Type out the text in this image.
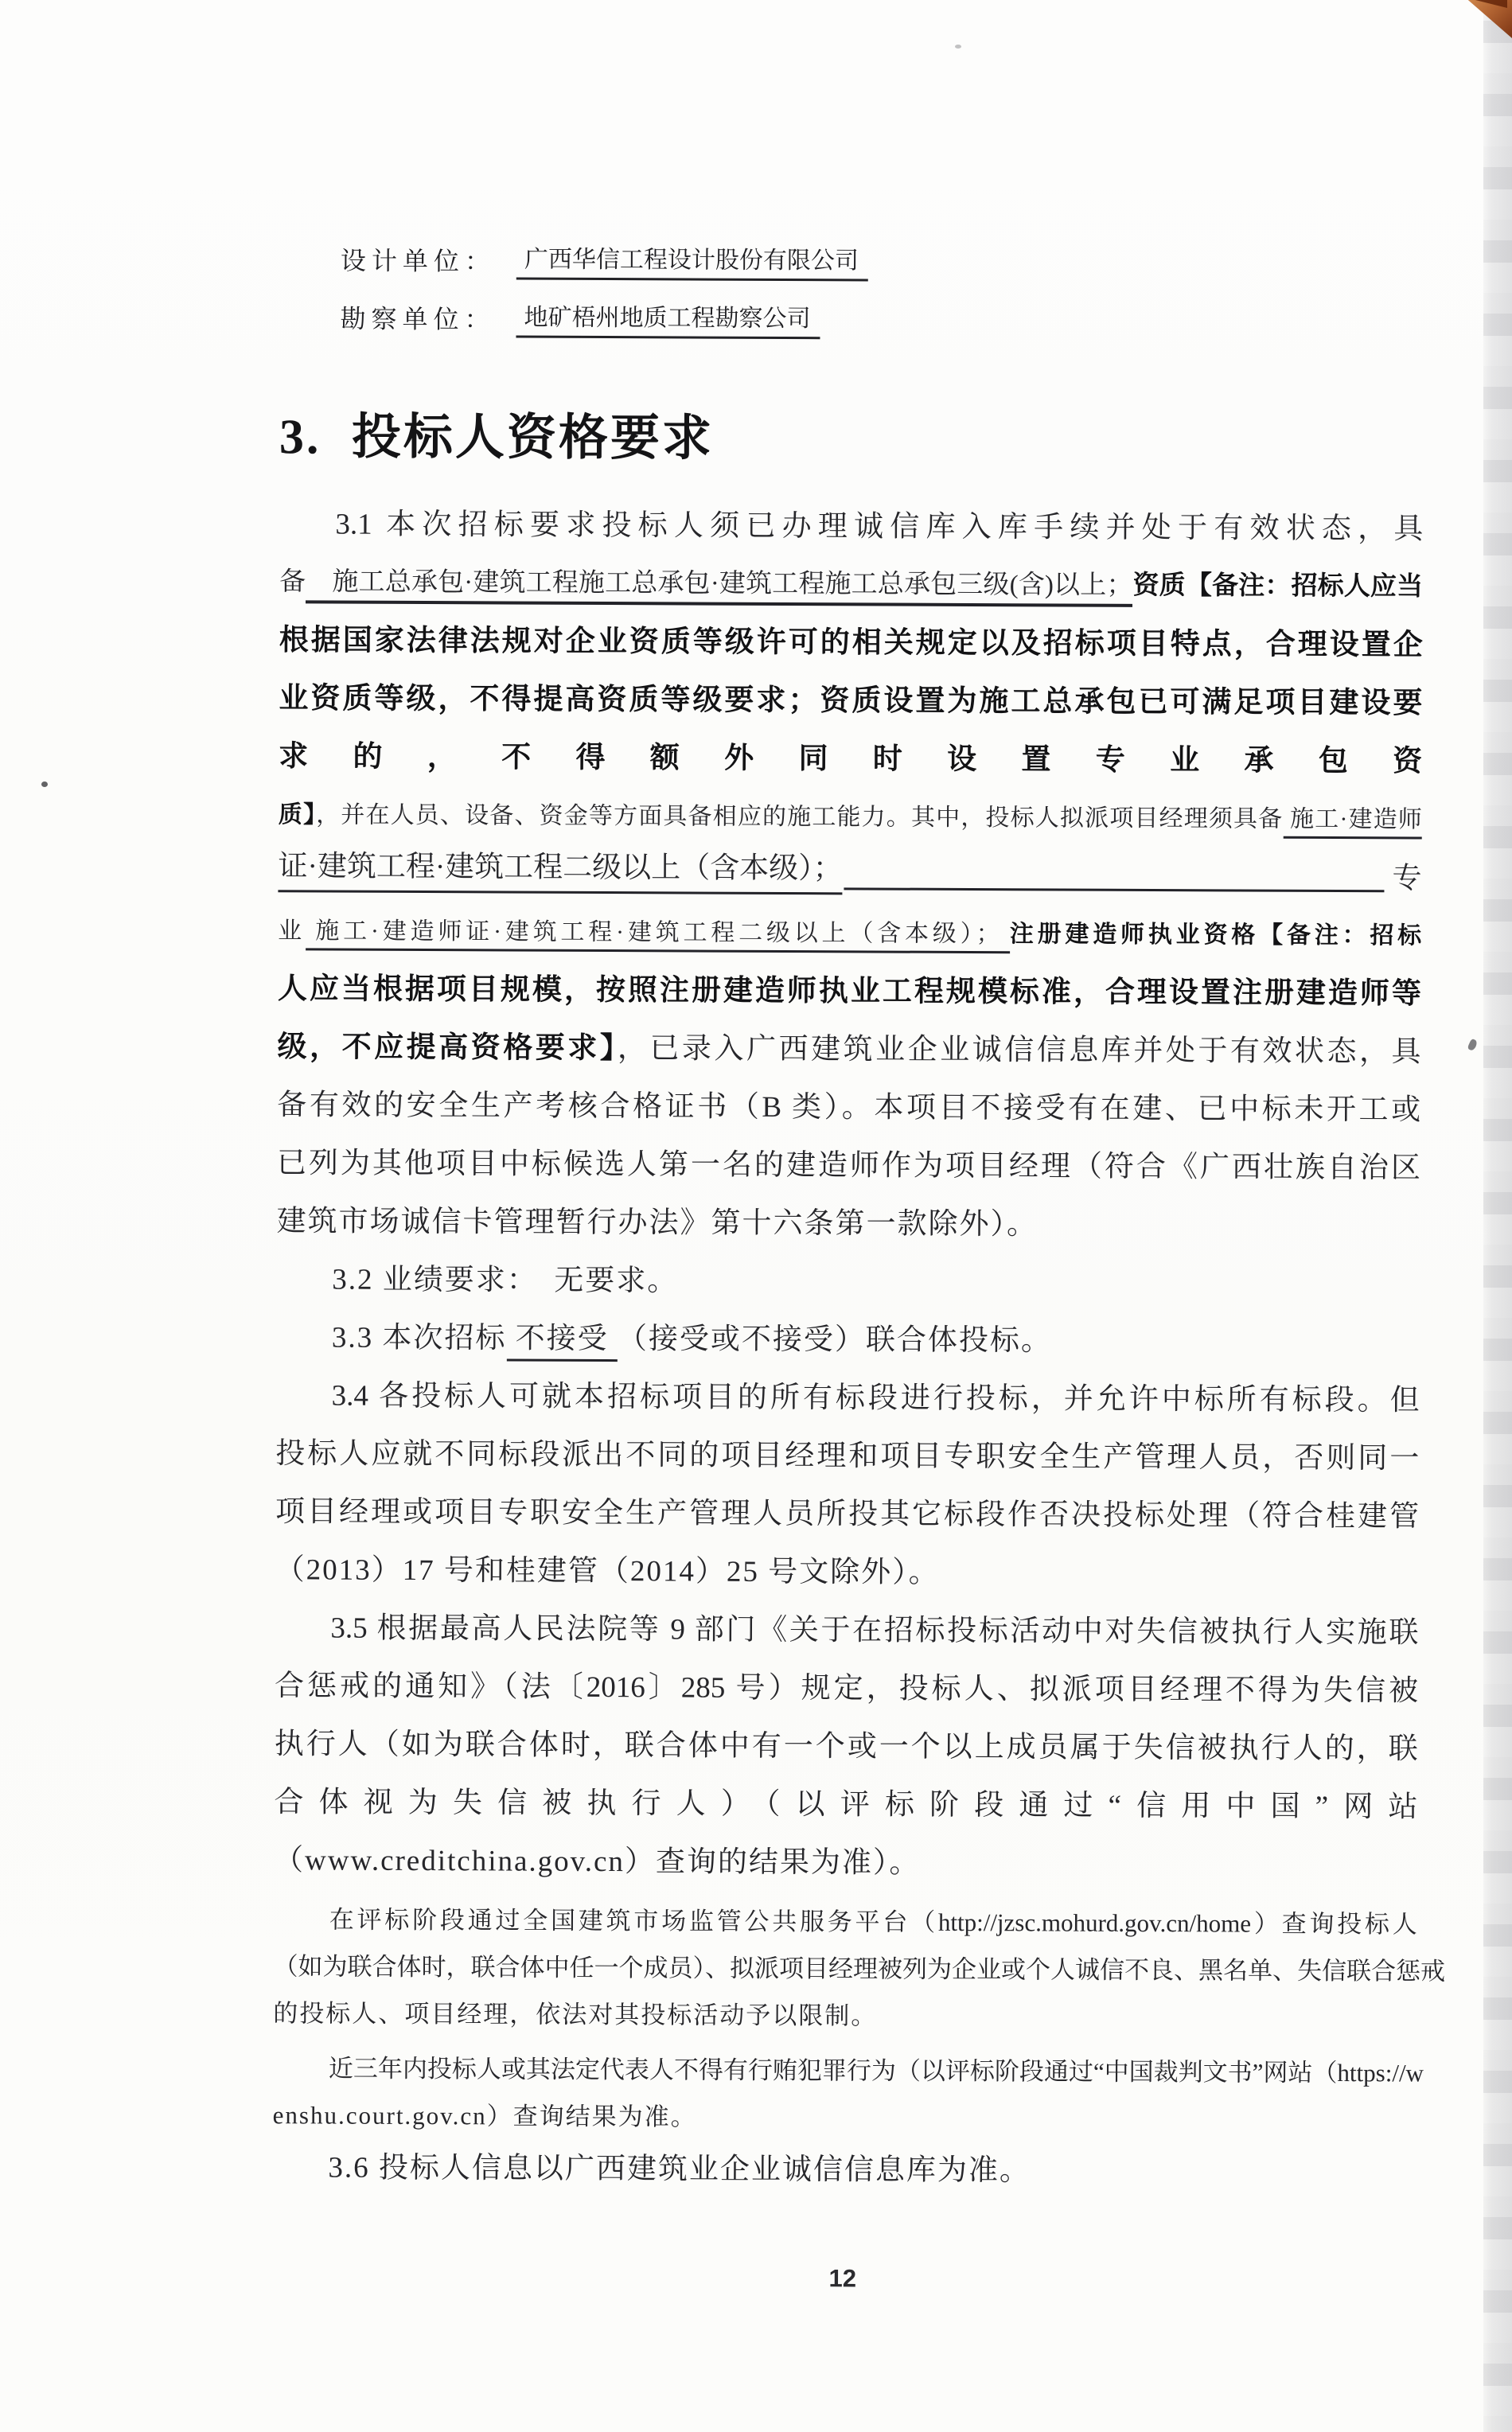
设计单位：	广西华信工程设计股份有限公司
勘察单位：	地矿梧州地质工程勘察公司
3. 投标人资格要求
3.1 本次招标要求投标人须已办理诚信库入库手续并处于有效状态，具
备　施工总承包·建筑工程施工总承包·建筑工程施工总承包三级(含)以上；资质【备注：招标人应当
根据国家法律法规对企业资质等级许可的相关规定以及招标项目特点，合理设置企
业资质等级，不得提高资质等级要求；资质设置为施工总承包已可满足项目建设要
求的，不得额外同时设置专业承包资
质】，并在人员、设备、资金等方面具备相应的施工能力。其中，投标人拟派项目经理须具备 施工·建造师
证·建筑工程·建筑工程二级以上（含本级）；	专
业 施工·建造师证·建筑工程·建筑工程二级以上（含本级）； 注册建造师执业资格【备注：招标
人应当根据项目规模，按照注册建造师执业工程规模标准，合理设置注册建造师等
级，不应提高资格要求】，已录入广西建筑业企业诚信信息库并处于有效状态，具
备有效的安全生产考核合格证书（B 类）。本项目不接受有在建、已中标未开工或
已列为其他项目中标候选人第一名的建造师作为项目经理（符合《广西壮族自治区
建筑市场诚信卡管理暂行办法》第十六条第一款除外）。
3.2 业绩要求：　无要求。
3.3 本次招标 不接受 （接受或不接受）联合体投标。
3.4 各投标人可就本招标项目的所有标段进行投标，并允许中标所有标段。但
投标人应就不同标段派出不同的项目经理和项目专职安全生产管理人员，否则同一
项目经理或项目专职安全生产管理人员所投其它标段作否决投标处理（符合桂建管
（2013）17 号和桂建管（2014）25 号文除外）。
3.5 根据最高人民法院等 9 部门《关于在招标投标活动中对失信被执行人实施联
合惩戒的通知》（法〔2016〕285 号）规定，投标人、拟派项目经理不得为失信被
执行人（如为联合体时，联合体中有一个或一个以上成员属于失信被执行人的，联
合体视为失信被执行人）（以评标阶段通过“信用中国”网站
（www.creditchina.gov.cn）查询的结果为准）。
在评标阶段通过全国建筑市场监管公共服务平台（http://jzsc.mohurd.gov.cn/home）查询投标人
（如为联合体时，联合体中任一个成员）、拟派项目经理被列为企业或个人诚信不良、黑名单、失信联合惩戒
的投标人、项目经理，依法对其投标活动予以限制。
近三年内投标人或其法定代表人不得有行贿犯罪行为（以评标阶段通过“中国裁判文书”网站（https://w
enshu.court.gov.cn）查询结果为准。
3.6 投标人信息以广西建筑业企业诚信信息库为准。
12
